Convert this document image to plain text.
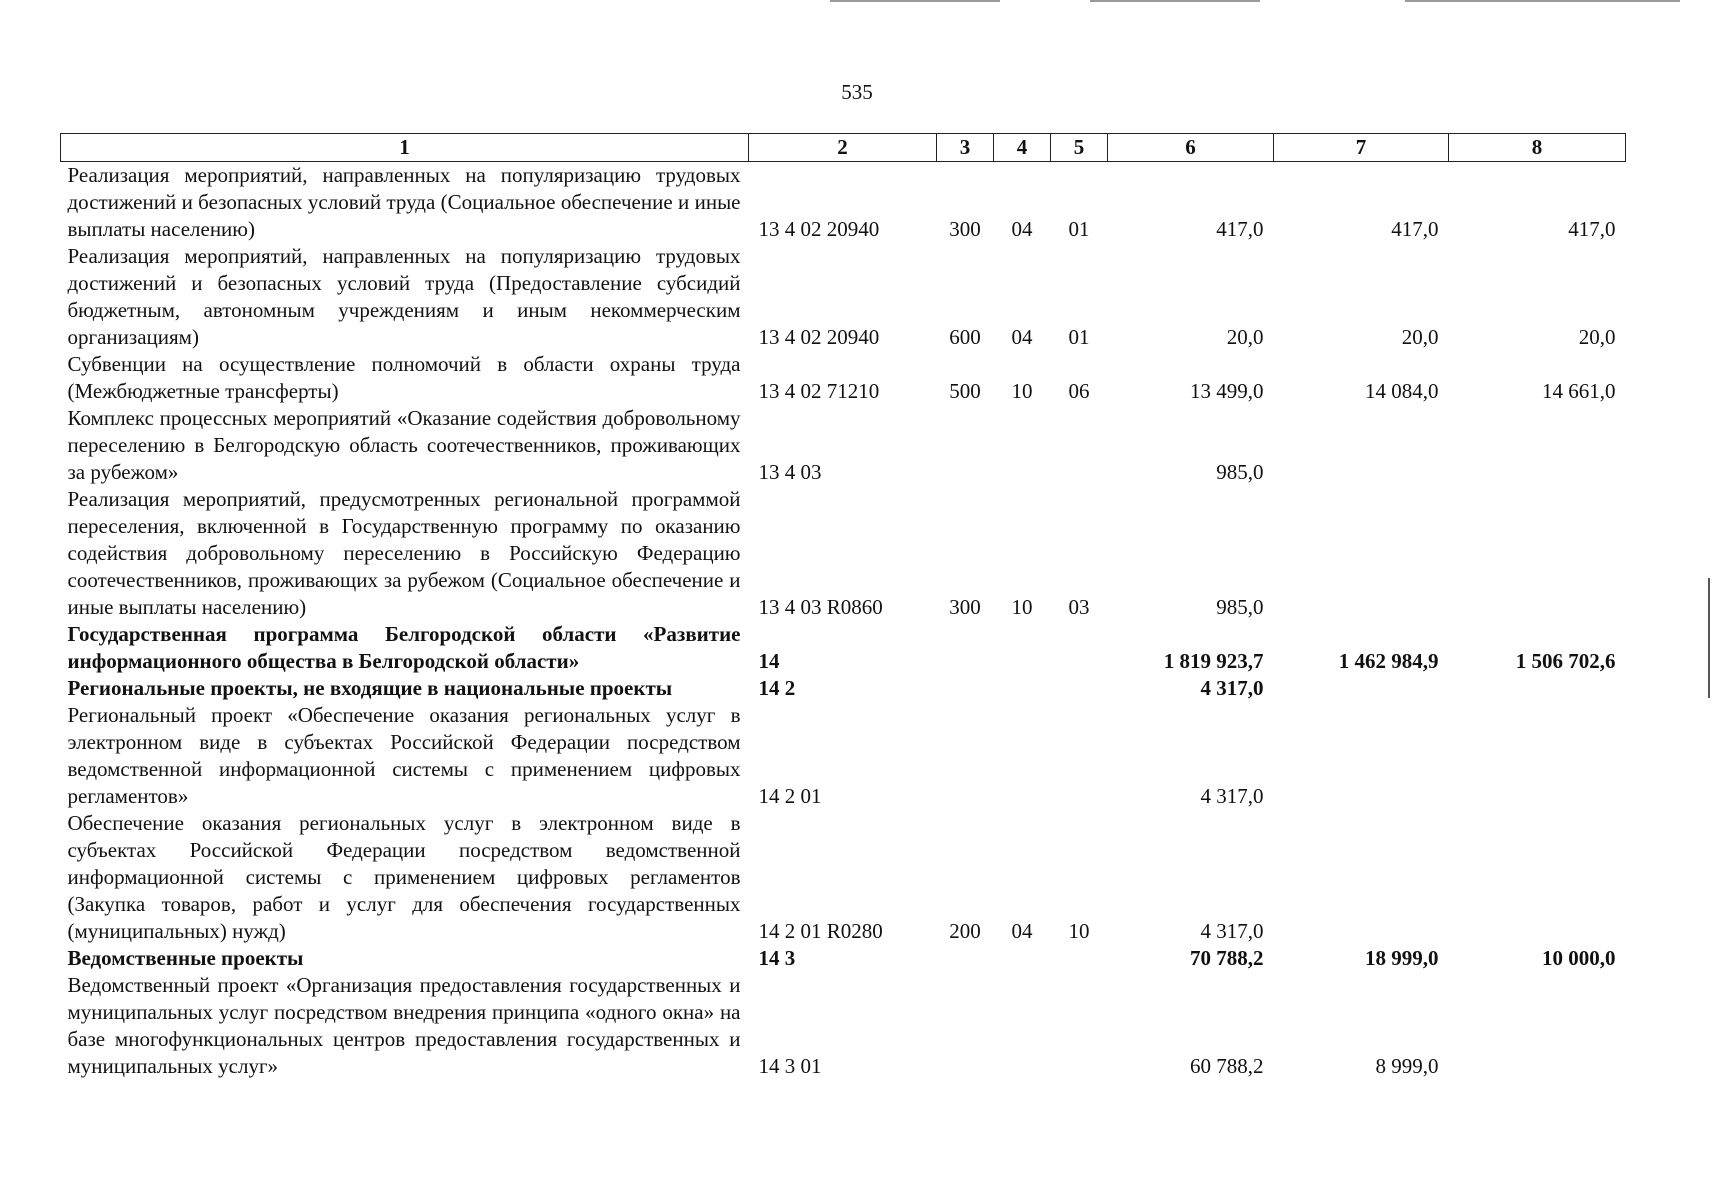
535
1	2	3	4	5	6	7	8
Реализация мероприятий, направленных на популяризацию трудовых достижений и безопасных условий труда (Социальное обеспечение и иные выплаты населению)	13 4 02 20940	300	04	01	417,0	417,0	417,0
Реализация мероприятий, направленных на популяризацию трудовых достижений и безопасных условий труда (Предоставление субсидий бюджетным, автономным учреждениям и иным некоммерческим организациям)	13 4 02 20940	600	04	01	20,0	20,0	20,0
Субвенции на осуществление полномочий в области охраны труда (Межбюджетные трансферты)	13 4 02 71210	500	10	06	13 499,0	14 084,0	14 661,0
Комплекс процессных мероприятий «Оказание содействия добровольному переселению в Белгородскую область соотечественников, проживающих за рубежом»	13 4 03				985,0		
Реализация мероприятий, предусмотренных региональной программой переселения, включенной в Государственную программу по оказанию содействия добровольному переселению в Российскую Федерацию соотечественников, проживающих за рубежом (Социальное обеспечение и иные выплаты населению)	13 4 03 R0860	300	10	03	985,0		
Государственная программа Белгородской области «Развитие информационного общества в Белгородской области»	14				1 819 923,7	1 462 984,9	1 506 702,6
Региональные проекты, не входящие в национальные проекты	14 2				4 317,0		
Региональный проект «Обеспечение оказания региональных услуг в электронном виде в субъектах Российской Федерации посредством ведомственной информационной системы с применением цифровых регламентов»	14 2 01				4 317,0		
Обеспечение оказания региональных услуг в электронном виде в субъектах Российской Федерации посредством ведомственной информационной системы с применением цифровых регламентов (Закупка товаров, работ и услуг для обеспечения государственных (муниципальных) нужд)	14 2 01 R0280	200	04	10	4 317,0		
Ведомственные проекты	14 3				70 788,2	18 999,0	10 000,0
Ведомственный проект «Организация предоставления государственных и муниципальных услуг посредством внедрения принципа «одного окна» на базе многофункциональных центров предоставления государственных и муниципальных услуг»	14 3 01				60 788,2	8 999,0	
